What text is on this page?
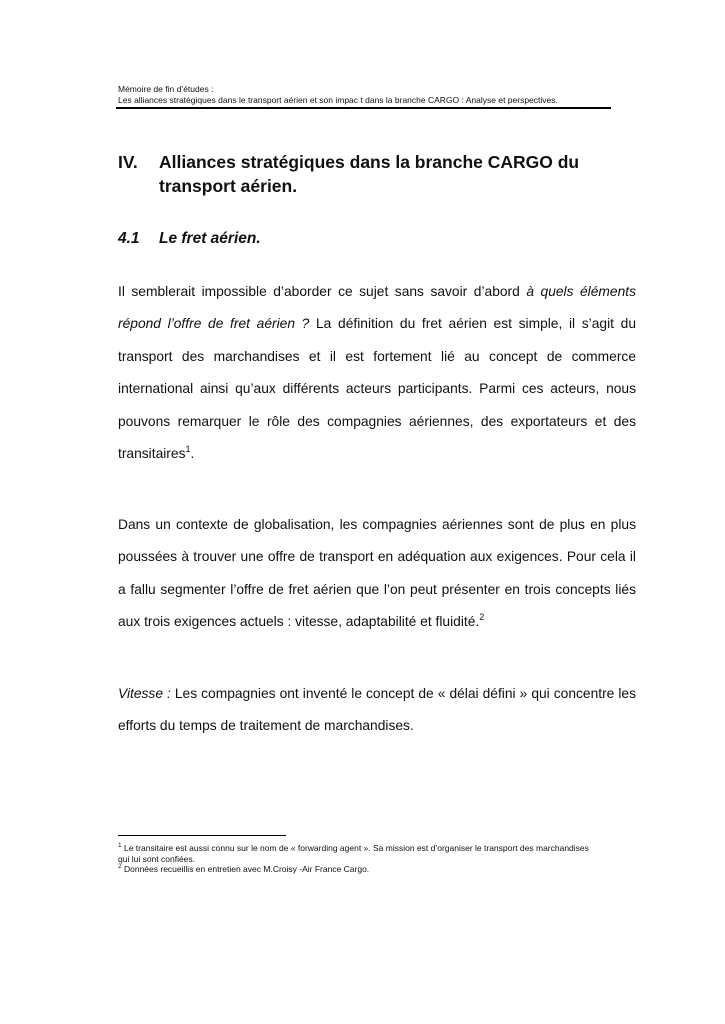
Mémoire de fin d’études :
Les alliances stratégiques dans le transport aérien et son impac t dans la branche CARGO : Analyse et perspectives.
IV. Alliances stratégiques dans la branche CARGO du transport aérien.
4.1 Le fret aérien.

Il semblerait impossible d’aborder ce sujet sans savoir d’abord à quels éléments répond l’offre de fret aérien ? La définition du fret aérien est simple, il s’agit du transport des marchandises et il est fortement lié au concept de commerce international ainsi qu’aux différents acteurs participants. Parmi ces acteurs, nous pouvons remarquer le rôle des compagnies aériennes, des exportateurs et des transitaires$^1$.

Dans un contexte de globalisation, les compagnies aériennes sont de plus en plus poussées à trouver une offre de transport en adéquation aux exigences. Pour cela il a fallu segmenter l’offre de fret aérien que l’on peut présenter en trois concepts liés aux trois exigences actuels : vitesse, adaptabilité et fluidité.$^2$

Vitesse : Les compagnies ont inventé le concept de « délai défini » qui concentre les efforts du temps de traitement de marchandises.

$^1$ Le transitaire est aussi connu sur le nom de « forwarding agent ». Sa mission est d’organiser le transport des marchandises qui lui sont confiées.
$^2$ Données recueillis en entretien avec M.Croisy -Air France Cargo.
